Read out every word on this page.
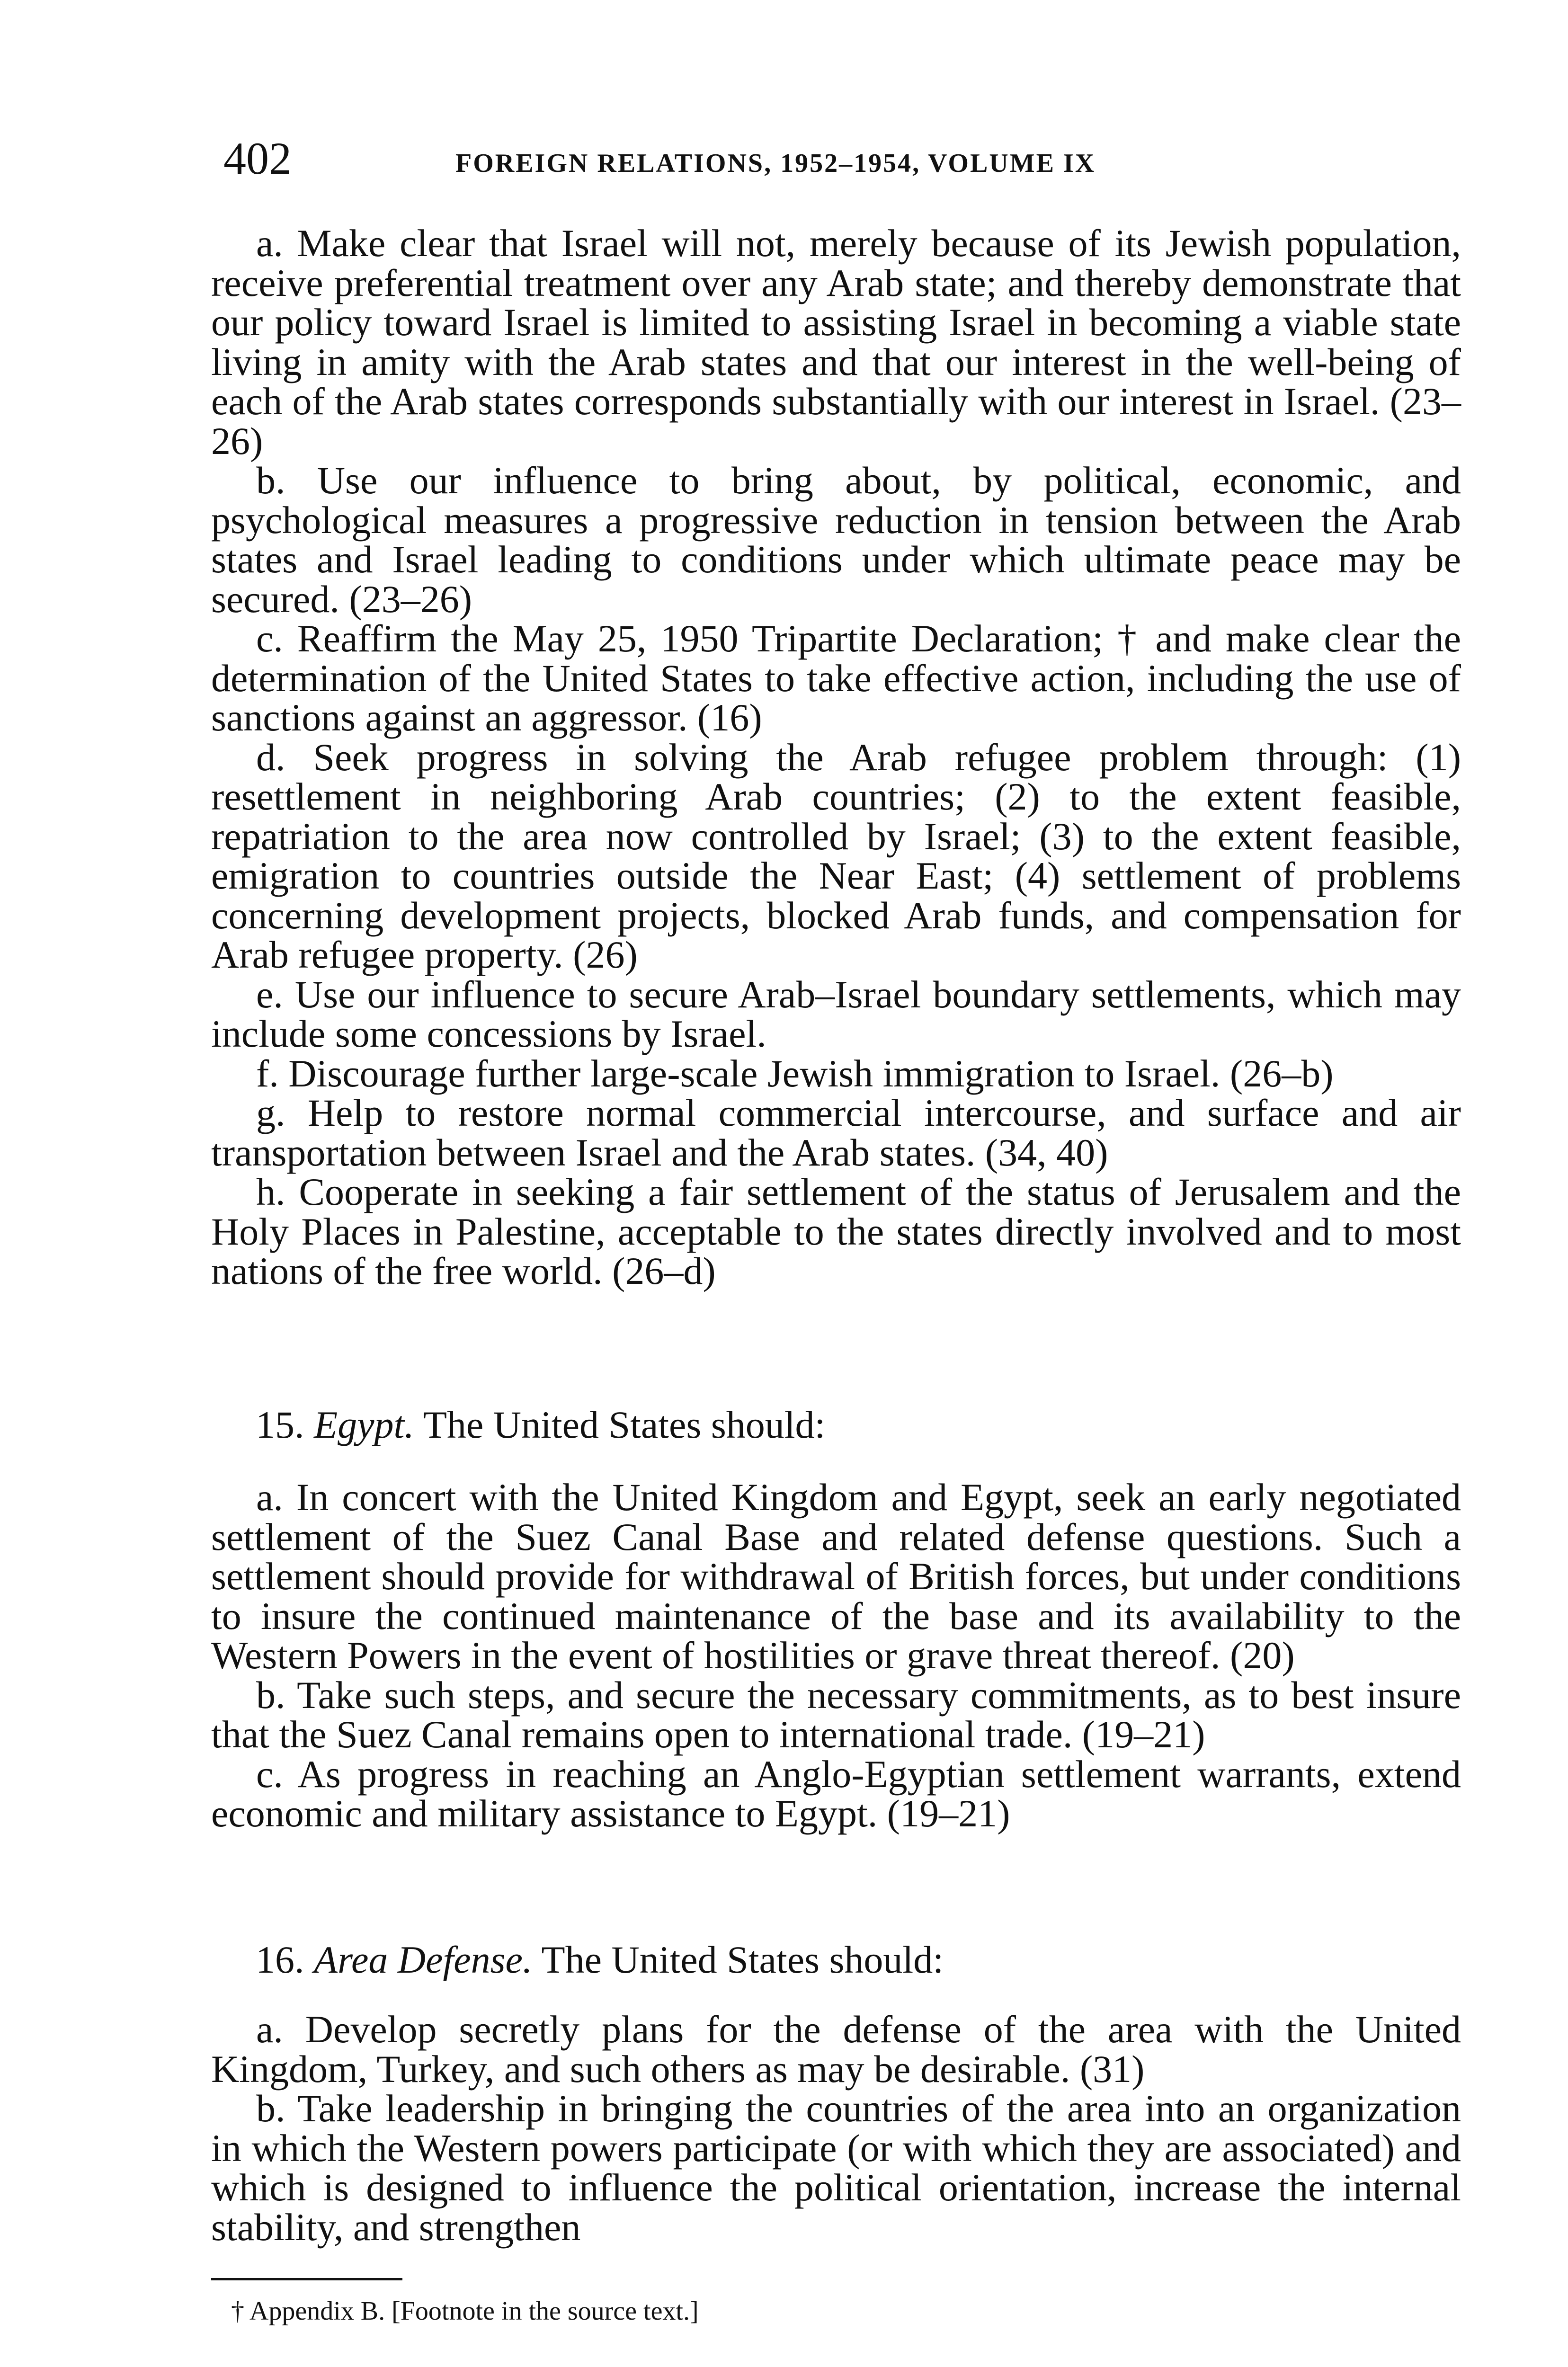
402	FOREIGN RELATIONS, 1952–1954, VOLUME IX

a. Make clear that Israel will not, merely because of its Jewish population, receive preferential treatment over any Arab state; and thereby demonstrate that our policy toward Israel is limited to assisting Israel in becoming a viable state living in amity with the Arab states and that our interest in the well-being of each of the Arab states corresponds substantially with our interest in Israel. (23–26)

b. Use our influence to bring about, by political, economic, and psychological measures a progressive reduction in tension between the Arab states and Israel leading to conditions under which ultimate peace may be secured. (23–26)

c. Reaffirm the May 25, 1950 Tripartite Declaration; † and make clear the determination of the United States to take effective action, including the use of sanctions against an aggressor. (16)

d. Seek progress in solving the Arab refugee problem through: (1) resettlement in neighboring Arab countries; (2) to the extent feasible, repatriation to the area now controlled by Israel; (3) to the extent feasible, emigration to countries outside the Near East; (4) settlement of problems concerning development projects, blocked Arab funds, and compensation for Arab refugee property. (26)

e. Use our influence to secure Arab–Israel boundary settlements, which may include some concessions by Israel.

f. Discourage further large-scale Jewish immigration to Israel. (26–b)

g. Help to restore normal commercial intercourse, and surface and air transportation between Israel and the Arab states. (34, 40)

h. Cooperate in seeking a fair settlement of the status of Jerusalem and the Holy Places in Palestine, acceptable to the states directly involved and to most nations of the free world. (26–d)

15. Egypt. The United States should:

a. In concert with the United Kingdom and Egypt, seek an early negotiated settlement of the Suez Canal Base and related defense questions. Such a settlement should provide for withdrawal of British forces, but under conditions to insure the continued maintenance of the base and its availability to the Western Powers in the event of hostilities or grave threat thereof. (20)

b. Take such steps, and secure the necessary commitments, as to best insure that the Suez Canal remains open to international trade. (19–21)

c. As progress in reaching an Anglo-Egyptian settlement warrants, extend economic and military assistance to Egypt. (19–21)

16. Area Defense. The United States should:

a. Develop secretly plans for the defense of the area with the United Kingdom, Turkey, and such others as may be desirable. (31)

b. Take leadership in bringing the countries of the area into an organization in which the Western powers participate (or with which they are associated) and which is designed to influence the political orientation, increase the internal stability, and strengthen

† Appendix B. [Footnote in the source text.]
